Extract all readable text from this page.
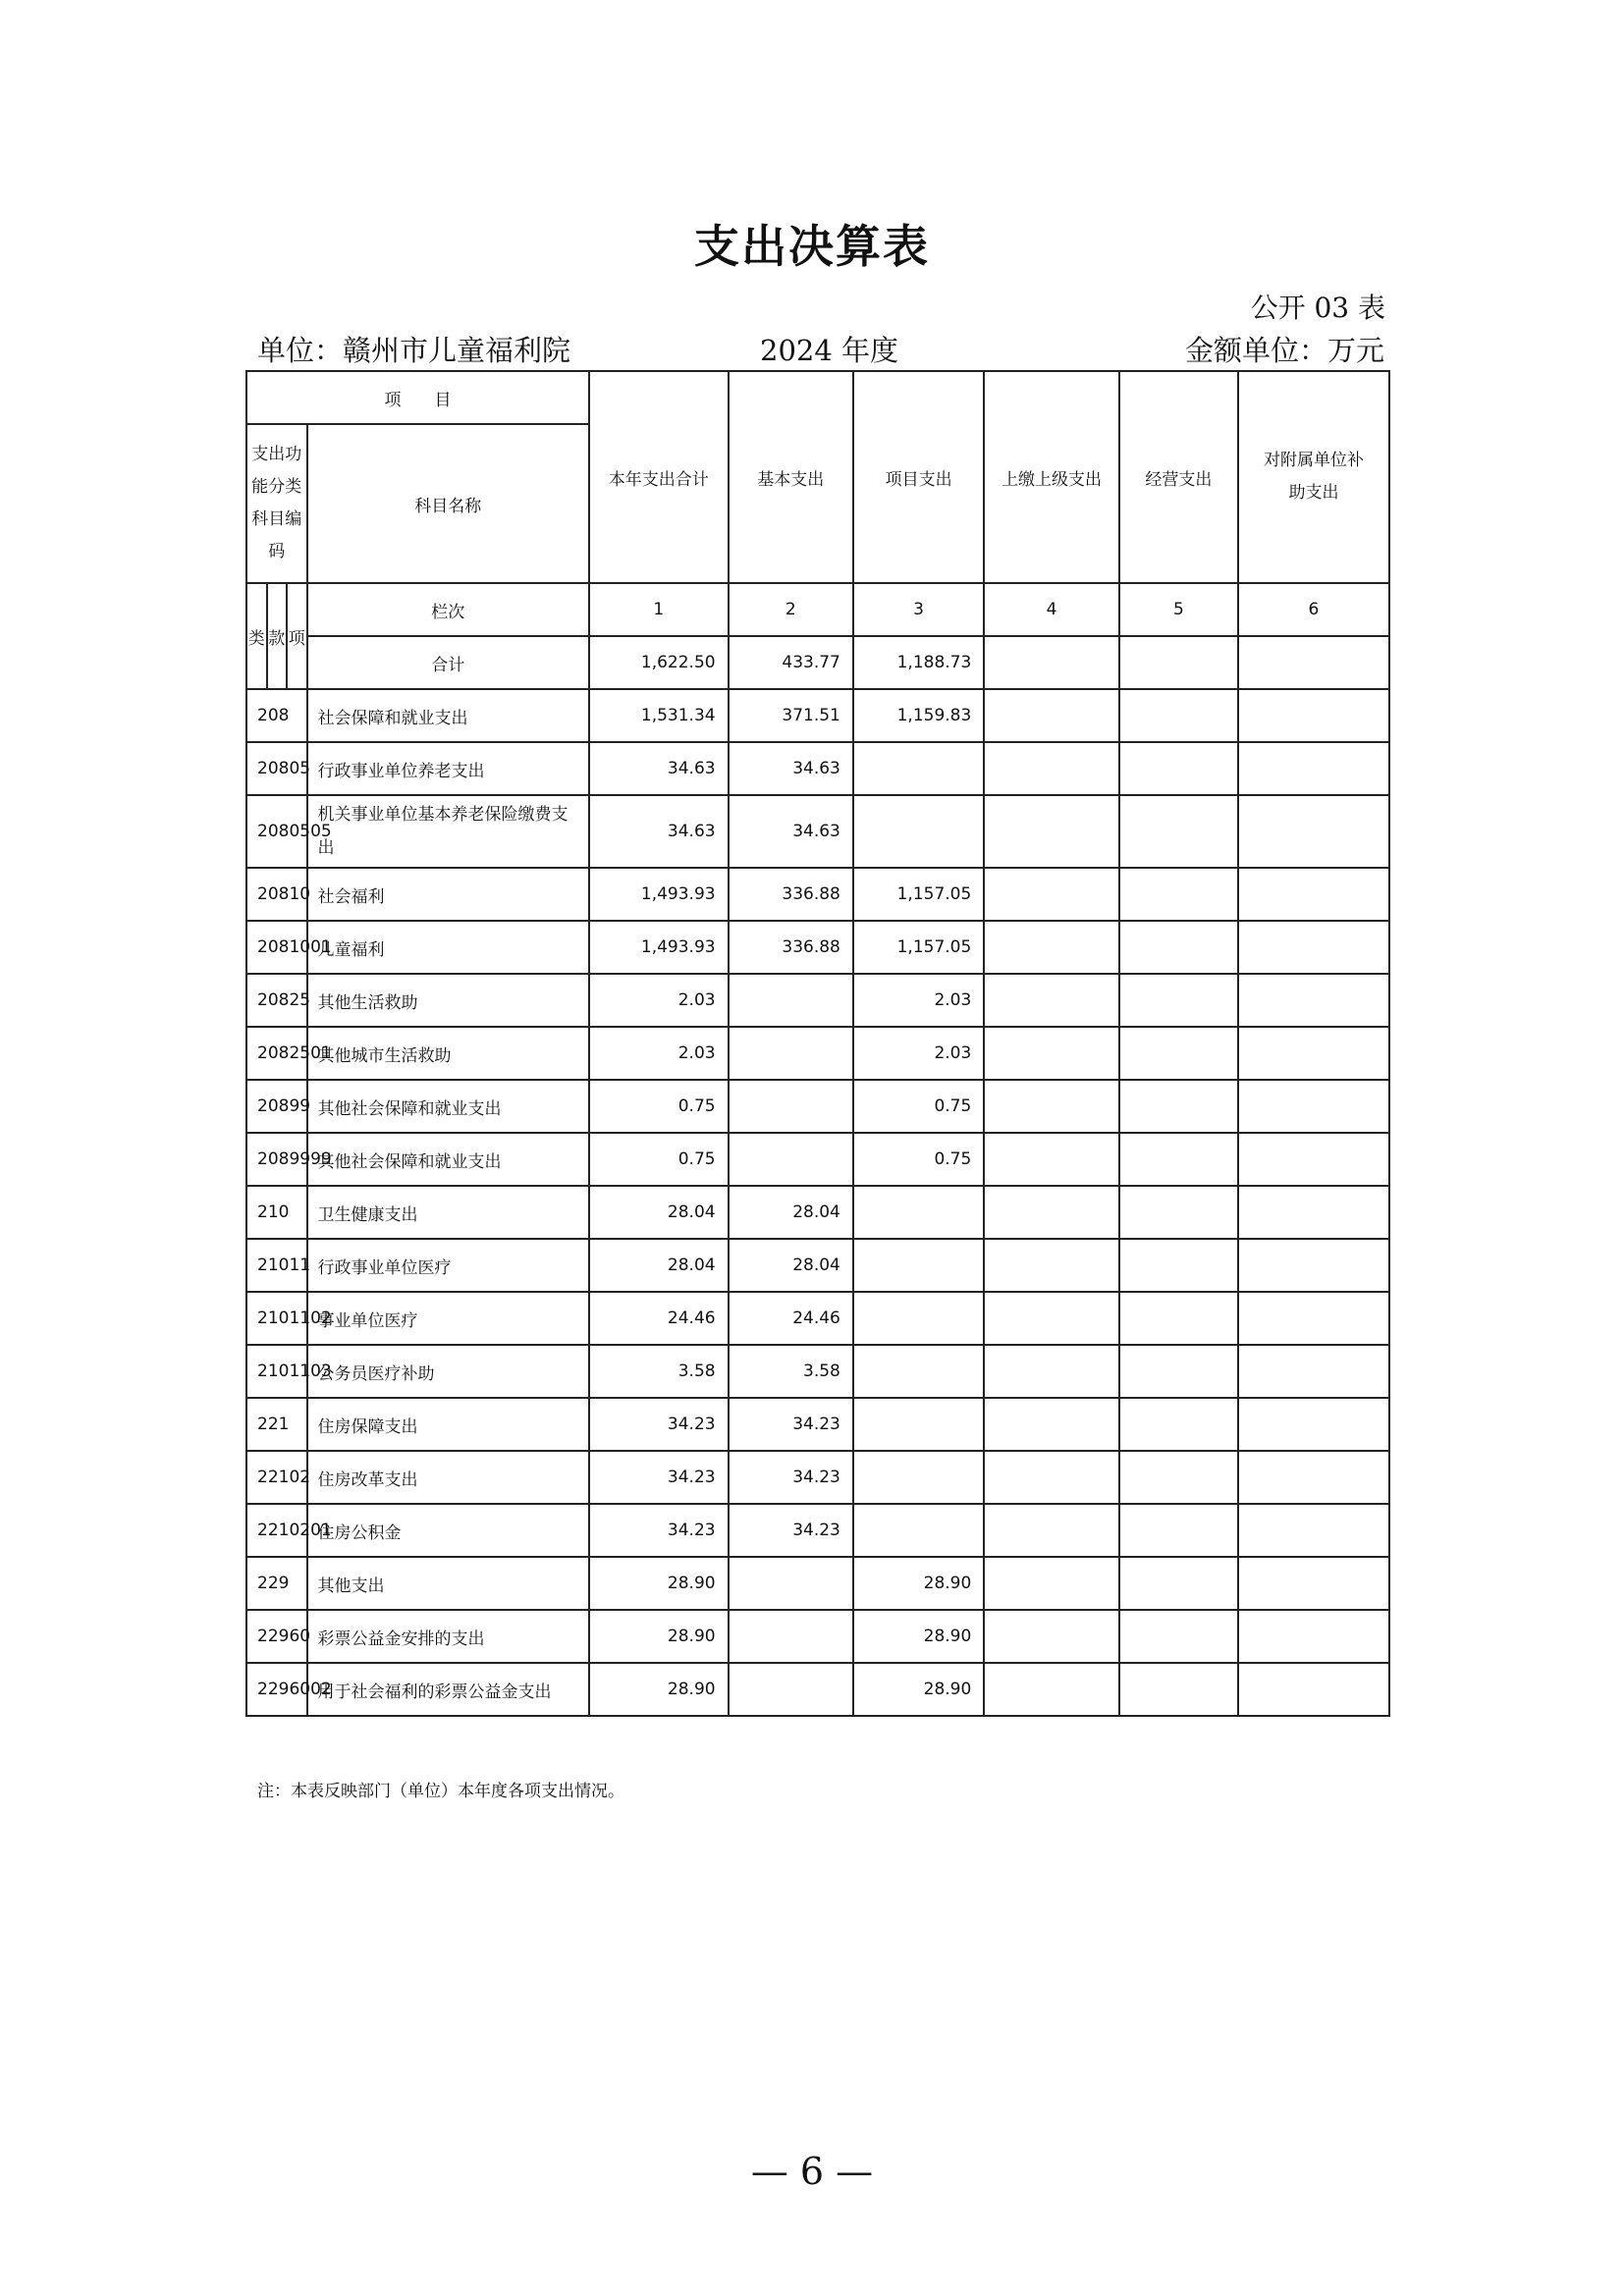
支出决算表
公开 03 表
单位：赣州市儿童福利院	2024 年度	金额单位：万元
项　　目				本年支出合计	基本支出	项目支出	上缴上级支出	经营支出	对附属单位补
助支出

支出功
能分类
科目编
码			科目名称						
类	款	项	栏次	1	2	3	4	5	6
			合计	1,622.50	433.77	1,188.73			
208			社会保障和就业支出	1,531.34	371.51	1,159.83			
20805			行政事业单位养老支出	34.63	34.63				
2080505			机关事业单位基本养老保险缴费支出	34.63	34.63				
20810			社会福利	1,493.93	336.88	1,157.05			
2081001			儿童福利	1,493.93	336.88	1,157.05			
20825			其他生活救助	2.03		2.03			
2082501			其他城市生活救助	2.03		2.03			
20899			其他社会保障和就业支出	0.75		0.75			
2089999			其他社会保障和就业支出	0.75		0.75			
210			卫生健康支出	28.04	28.04				
21011			行政事业单位医疗	28.04	28.04				
2101102			事业单位医疗	24.46	24.46				
2101103			公务员医疗补助	3.58	3.58				
221			住房保障支出	34.23	34.23				
22102			住房改革支出	34.23	34.23				
2210201			住房公积金	34.23	34.23				
229			其他支出	28.90		28.90			
22960			彩票公益金安排的支出	28.90		28.90			
2296002			用于社会福利的彩票公益金支出	28.90		28.90			
注：本表反映部门（单位）本年度各项支出情况。
— 6 —
